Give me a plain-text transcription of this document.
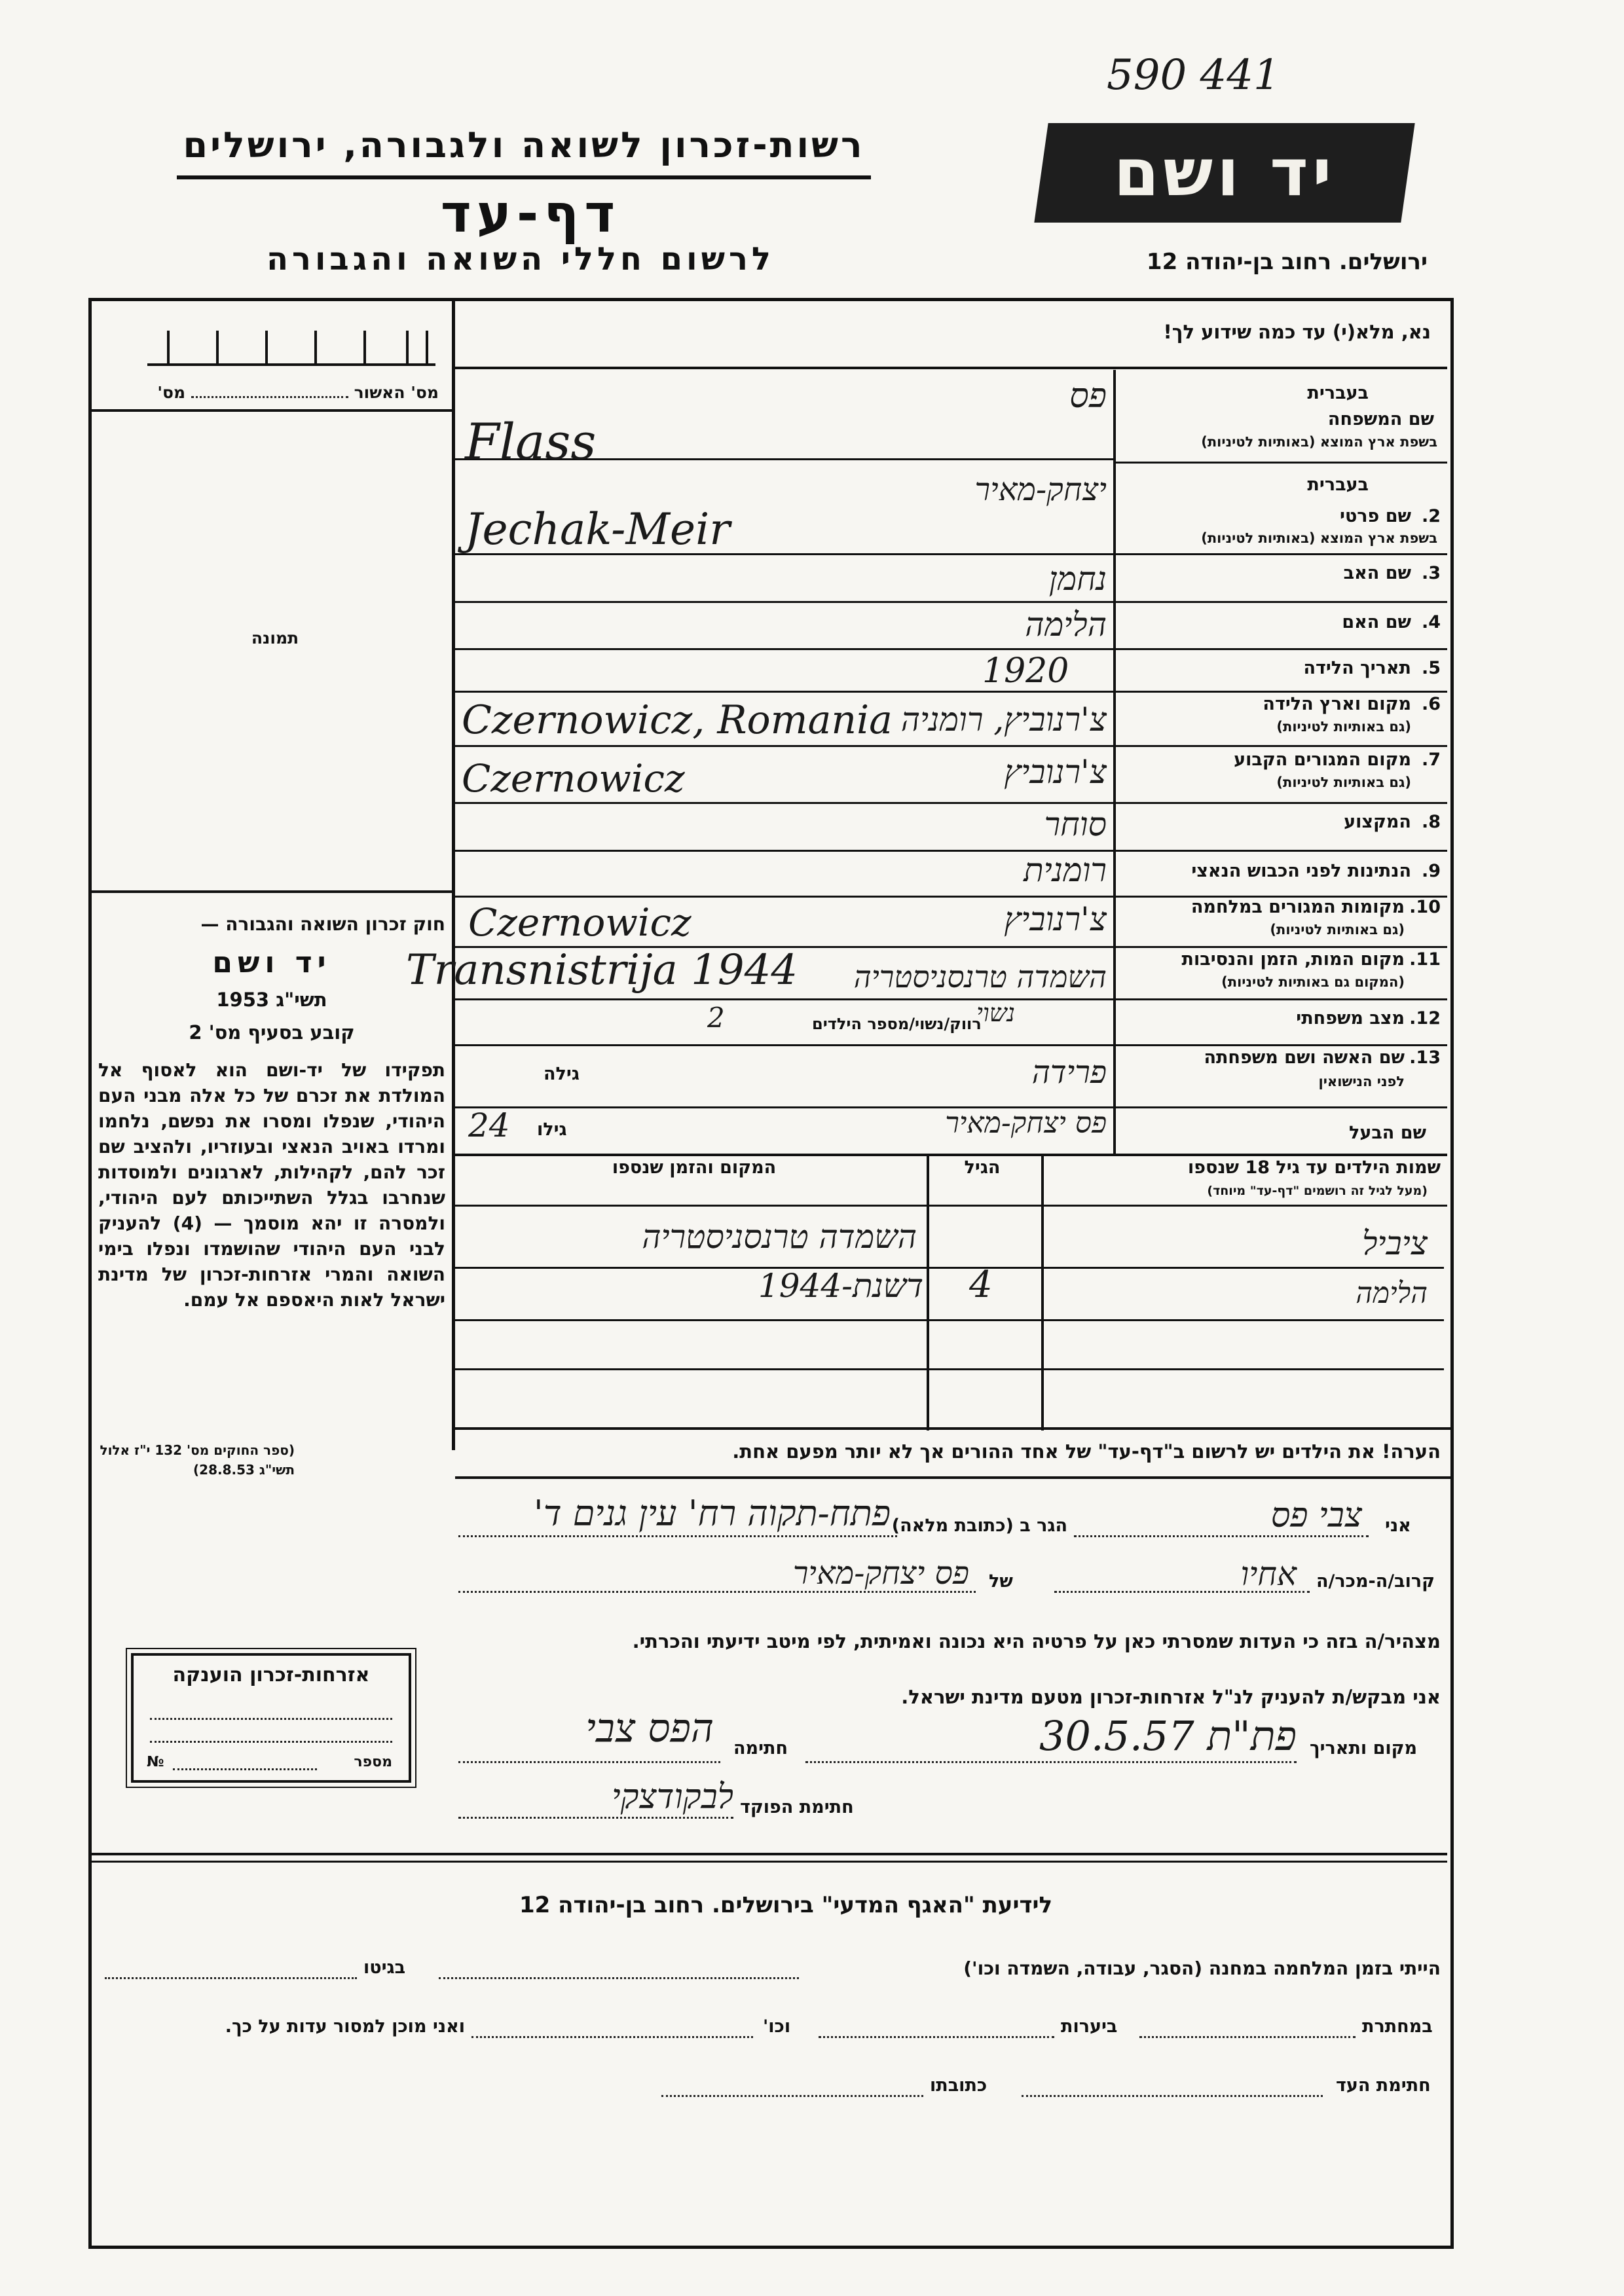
590 441
רשות-זכרון לשואה ולגבורה, ירושלים
דף-עד
לרשום חללי השואה והגבורה
יד ושם
ירושלים. רחוב בן-יהודה 12
נא, מלא(י) עד כמה שידוע לך!
מס' האשור  מס'
תמונה
בעברית
שם המשפחה
בשפת ארץ המוצא (באותיות לטיניות)
פס
Flass
בעברית
2.
שם פרטי
בשפת ארץ המוצא (באותיות לטיניות)
יצחק-מאיר
Jechak-Meir
3.
שם האב
נחמן
4.
שם האם
הלימה
5.
תאריך הלידה
1920
6.
מקום וארץ הלידה
(גם באותיות לטיניות)
צ'רנוביץ, רומניה
Czernowicz, Romania
7.
מקום המגורים הקבוע
(גם באותיות לטיניות)
צ'רנוביץ
Czernowicz
8.
המקצוע
סוחר
9.
הנתינות לפני הכבוש הנאצי
רומנית
10.
מקומות המגורים במלחמה
(גם באותיות לטיניות)
צ'רנוביץ
Czernowicz
11.
מקום המות, הזמן והנסיבות
(המקום גם באותיות לטיניות)
השמדה טרנסניסטריה
Transnistrija 1944
12.
מצב משפחתי
רווק/נשוי/מספר הילדים
נשוי
2
13.
שם האשה ושם משפחתה
לפני הנישואין
פרידה
גילה
שם הבעל
פס יצחק-מאיר
גילו
24
שמות הילדים עד גיל 18 שנספו
(מעל לגיל זה רושמים "דף-עד" מיוחד)
הגיל
המקום והזמן שנספו
ציביל
הלימה
4
השמדה טרנסניסטריה
דשנת-1944
חוק זכרון השואה והגבורה —
יד ושם
תשי"ג 1953
קובע בסעיף מס' 2
תפקידו של יד-ושם הוא לאסוף אל המולדת את זכרם של כל אלה מבני העם היהודי, שנפלו ומסרו את נפשם, נלחמו ומרדו באויב הנאצי ובעוזריו, ולהציב שם זכר להם, לקהילות, לארגונים ולמוסדות שנחרבו בגלל השתייכותם לעם היהודי, ולמסרה זו יהא מוסמך — (4) להעניק לבני העם היהודי שהושמדו ונפלו בימי השואה והמרי אזרחות-זכרון של מדינת ישראל לאות היאספם אל עמם.
(ספר החוקים מס' 132 י"ז אלול תשי"ג 28.8.53)
הערה! את הילדים יש לרשום ב"דף-עד" של אחד ההורים אך לא יותר מפעם אחת.
אני
צבי פס
הגר ב (כתובת מלאה)
פתח-תקוה רח' עין גנים ד'
קרוב/ה-מכר/ה
אחיו
של
פס יצחק-מאיר
מצהיר/ה בזה כי העדות שמסרתי כאן על פרטיה היא נכונה ואמיתית, לפי מיטב ידיעתי והכרתי.
אני מבקש/ת להעניק לנ"ל אזרחות-זכרון מטעם מדינת ישראל.
מקום ותאריך
פת"ת 30.5.57
חתימה
הפס צבי
חתימת הפוקד
לבקודצקי
אזרחות-זכרון הוענקה
№	מספר
לידיעת "האגף המדעי" בירושלים. רחוב בן-יהודה 12
הייתי בזמן המלחמה במחנה (הסגר, עבודה, השמדה וכו')
בגיטו
במחתרת
ביערות
וכו'
ואני מוכן למסור עדות על כך.
חתימת העד
כתובתו
